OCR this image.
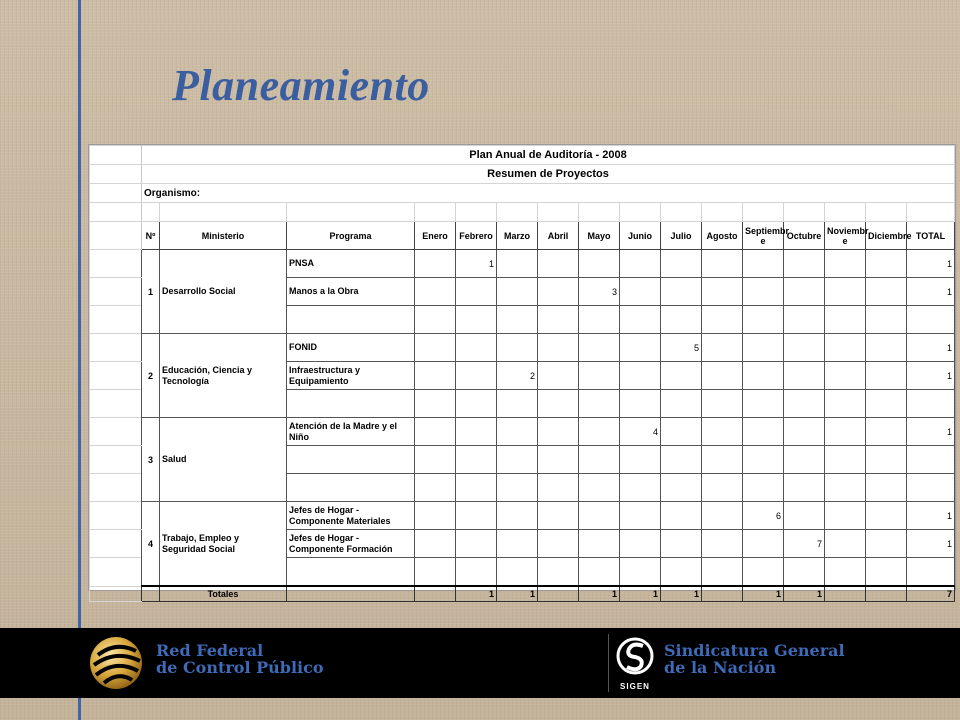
Planeamiento
	Plan Anual de Auditoría - 2008															
	Resumen de Proyectos															
	Organismo:															

	Nº	Ministerio	Programa	Enero	Febrero	Marzo	Abril	Mayo	Junio	Julio	Agosto	Septiembr e	Octubre	Noviembr e	Diciembre	TOTAL
	1	Desarrollo Social	PNSA		1											1
			Manos a la Obra					3								1

	2	Educación, Ciencia y Tecnología	FONID							5						1
			Infraestructura y Equipamiento			2										1

	3	Salud	Atención de la Madre y el Niño						4							1

	4	Trabajo, Empleo y Seguridad Social	Jefes de Hogar - Componente Materiales									6				1
			Jefes de Hogar - Componente Formación										7			1

		Totales			1	1		1	1	1		1	1			7
Red Federal
de Control Público
SIGEN
Sindicatura General
de la Nación
